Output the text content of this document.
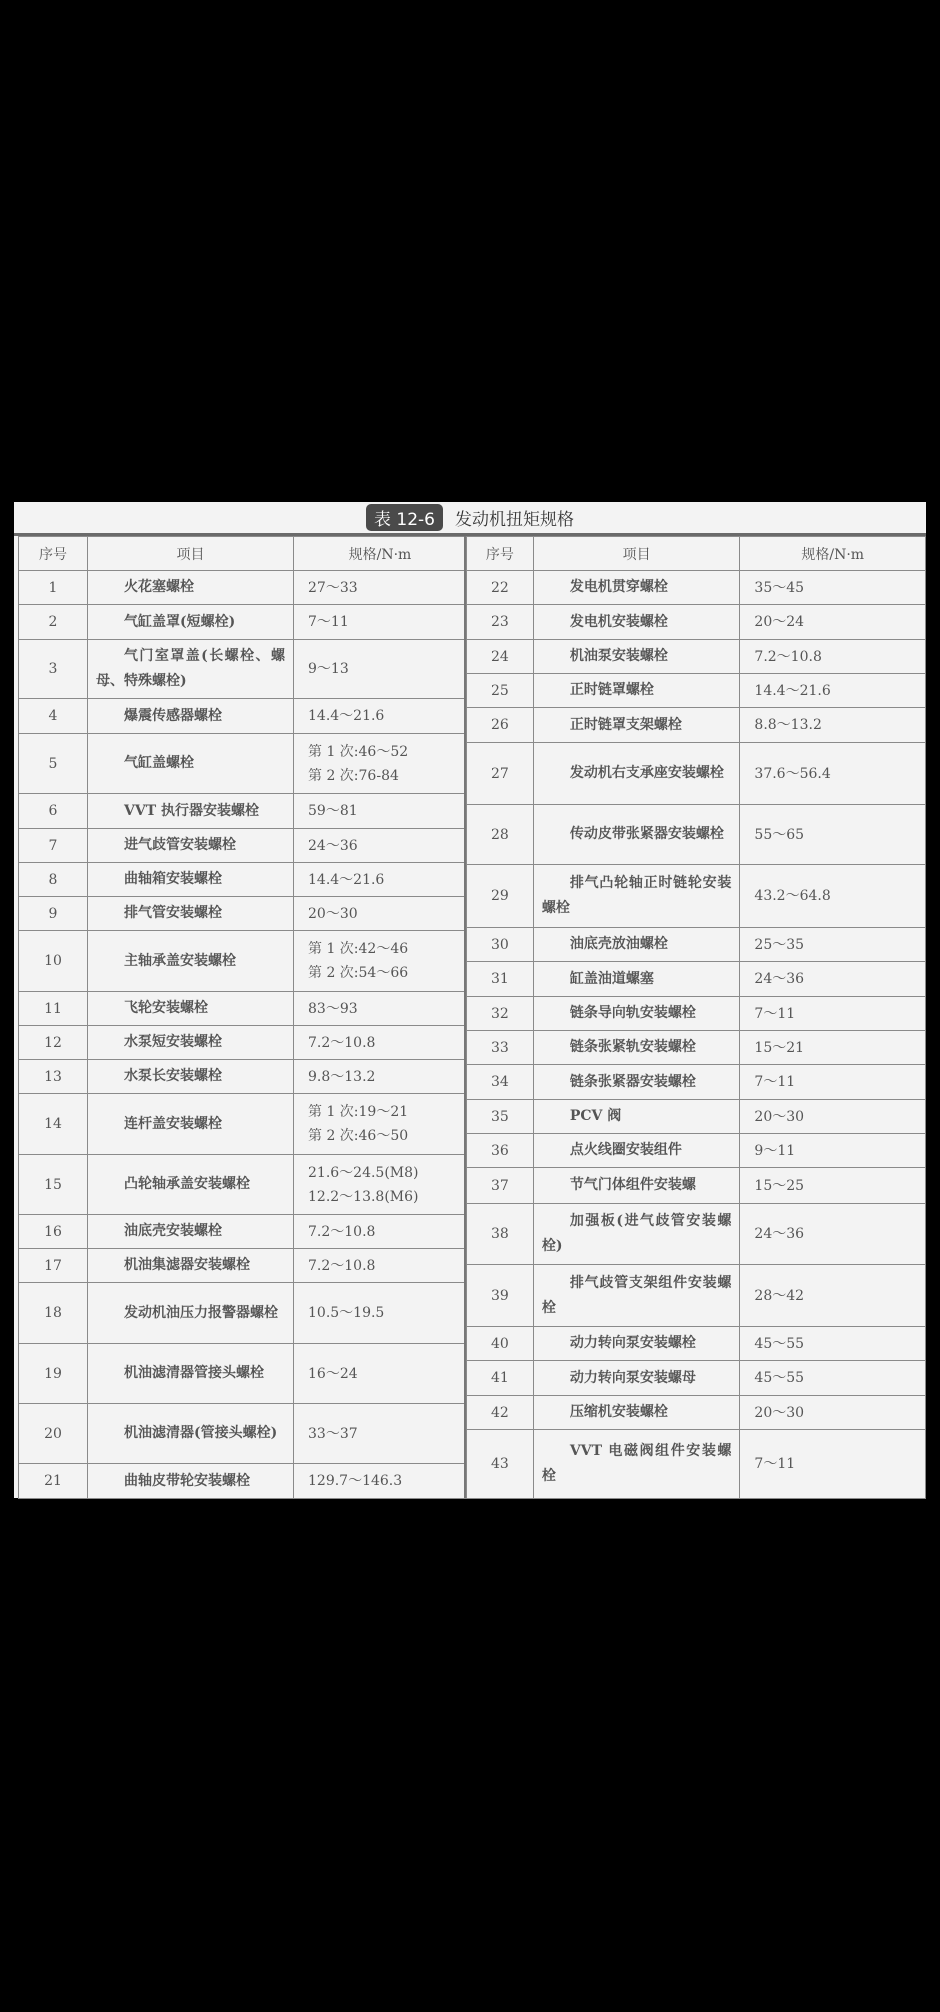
表 12-6	发动机扭矩规格
序号	项目	规格/N·m
1	火花塞螺栓	27～33
2	气缸盖罩(短螺栓)	7～11
3	气门室罩盖(长螺栓、螺母、特殊螺栓)	9～13
4	爆震传感器螺栓	14.4～21.6
5	气缸盖螺栓	第 1 次:46～52
第 2 次:76-84
6	VVT 执行器安装螺栓	59～81
7	进气歧管安装螺栓	24～36
8	曲轴箱安装螺栓	14.4～21.6
9	排气管安装螺栓	20～30
10	主轴承盖安装螺栓	第 1 次:42～46
第 2 次:54～66
11	飞轮安装螺栓	83～93
12	水泵短安装螺栓	7.2～10.8
13	水泵长安装螺栓	9.8～13.2
14	连杆盖安装螺栓	第 1 次:19～21
第 2 次:46～50
15	凸轮轴承盖安装螺栓	21.6～24.5(M8)
12.2～13.8(M6)
16	油底壳安装螺栓	7.2～10.8
17	机油集滤器安装螺栓	7.2～10.8
18	发动机油压力报警器螺栓	10.5～19.5
19	机油滤清器管接头螺栓	16～24
20	机油滤清器(管接头螺栓)	33～37
21	曲轴皮带轮安装螺栓	129.7～146.3
序号	项目	规格/N·m
22	发电机贯穿螺栓	35～45
23	发电机安装螺栓	20～24
24	机油泵安装螺栓	7.2～10.8
25	正时链罩螺栓	14.4～21.6
26	正时链罩支架螺栓	8.8～13.2
27	发动机右支承座安装螺栓	37.6～56.4
28	传动皮带张紧器安装螺栓	55～65
29	排气凸轮轴正时链轮安装螺栓	43.2～64.8
30	油底壳放油螺栓	25～35
31	缸盖油道螺塞	24～36
32	链条导向轨安装螺栓	7～11
33	链条张紧轨安装螺栓	15～21
34	链条张紧器安装螺栓	7～11
35	PCV 阀	20～30
36	点火线圈安装组件	9～11
37	节气门体组件安装螺	15～25
38	加强板(进气歧管安装螺栓)	24～36
39	排气歧管支架组件安装螺栓	28～42
40	动力转向泵安装螺栓	45～55
41	动力转向泵安装螺母	45～55
42	压缩机安装螺栓	20～30
43	VVT 电磁阀组件安装螺栓	7～11
